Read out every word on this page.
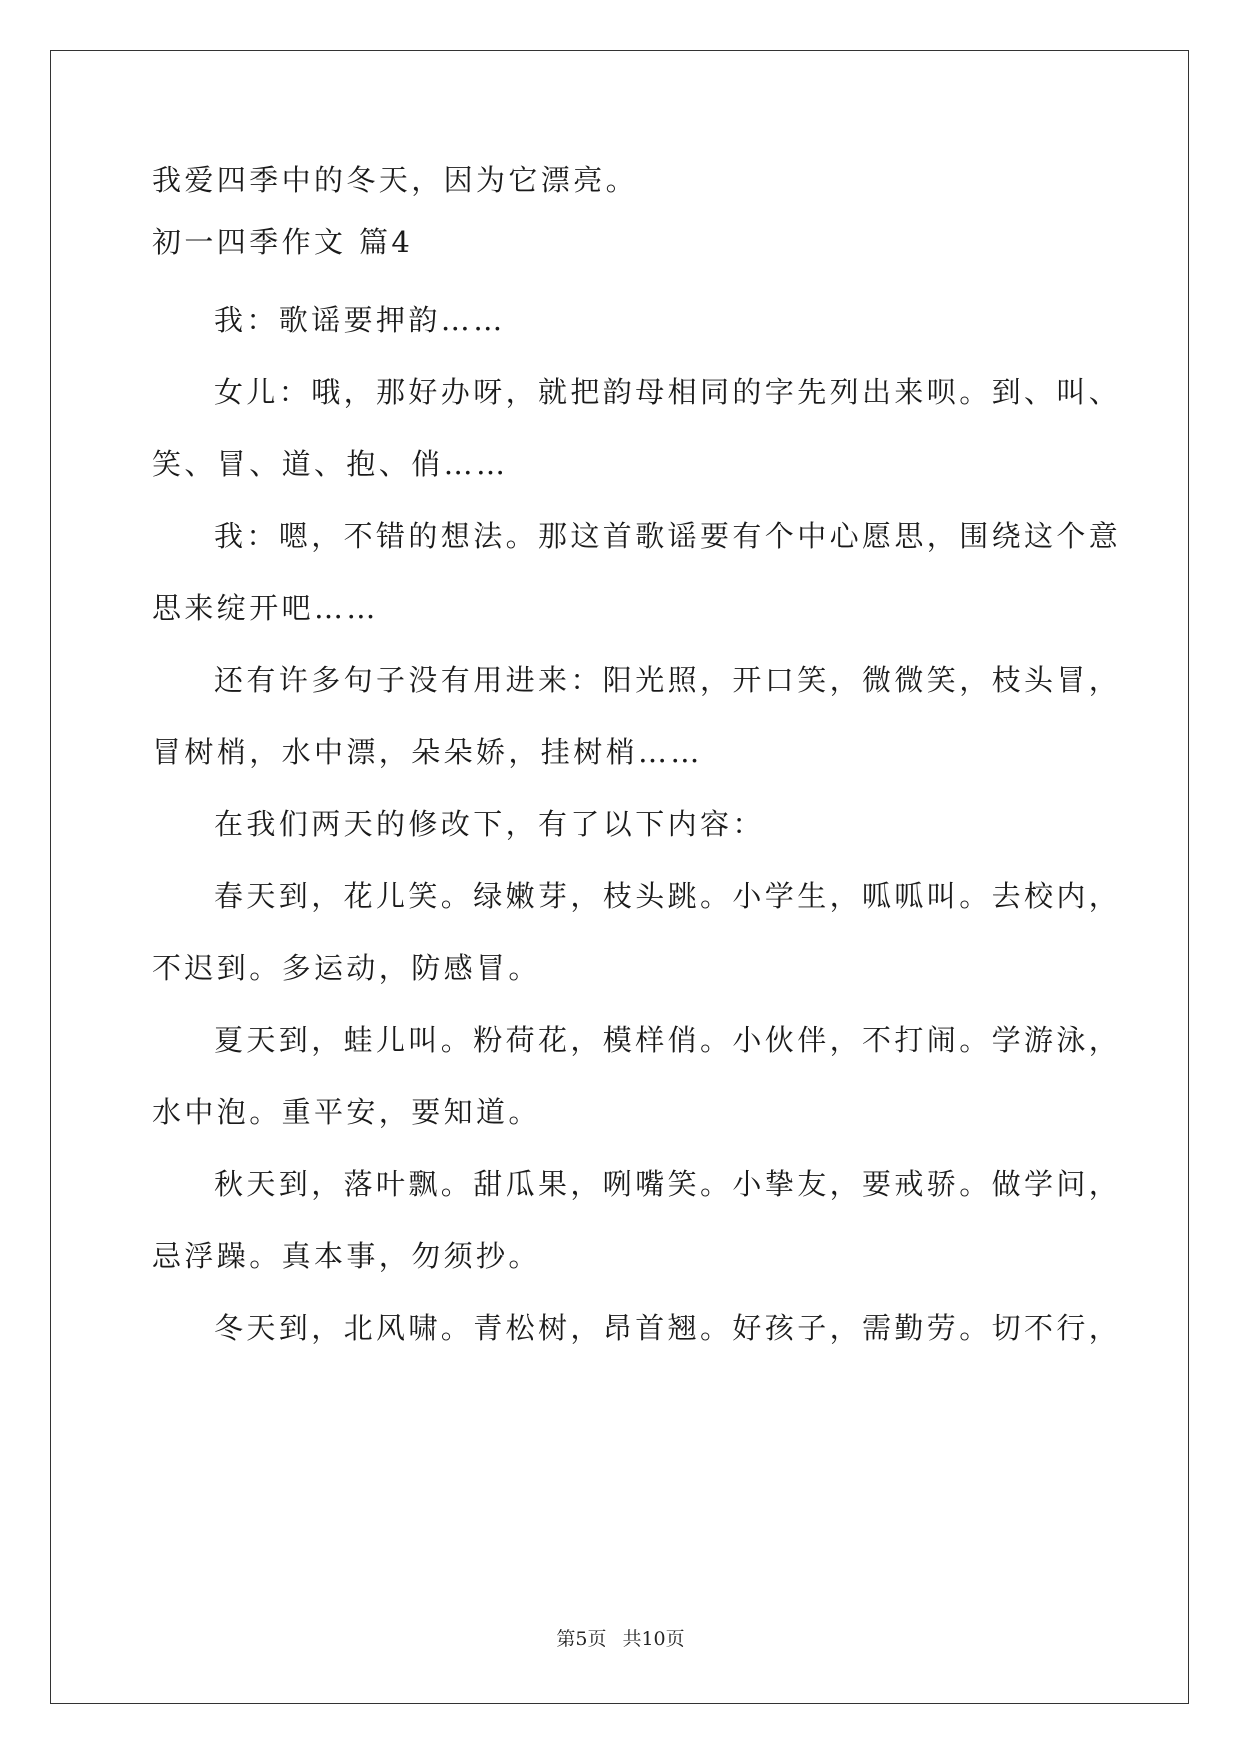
我爱四季中的冬天，因为它漂亮。
初一四季作文 篇4
我：歌谣要押韵……
女儿：哦，那好办呀，就把韵母相同的字先列出来呗。到、叫、
笑、冒、道、抱、俏……
我：嗯，不错的想法。那这首歌谣要有个中心愿思，围绕这个意
思来绽开吧……
还有许多句子没有用进来：阳光照，开口笑，微微笑，枝头冒，
冒树梢，水中漂，朵朵娇，挂树梢……
在我们两天的修改下，有了以下内容：
春天到，花儿笑。绿嫩芽，枝头跳。小学生，呱呱叫。去校内，
不迟到。多运动，防感冒。
夏天到，蛙儿叫。粉荷花，模样俏。小伙伴，不打闹。学游泳，
水中泡。重平安，要知道。
秋天到，落叶飘。甜瓜果，咧嘴笑。小挚友，要戒骄。做学问，
忌浮躁。真本事，勿须抄。
冬天到，北风啸。青松树，昂首翘。好孩子，需勤劳。切不行，
第5页 共10页
